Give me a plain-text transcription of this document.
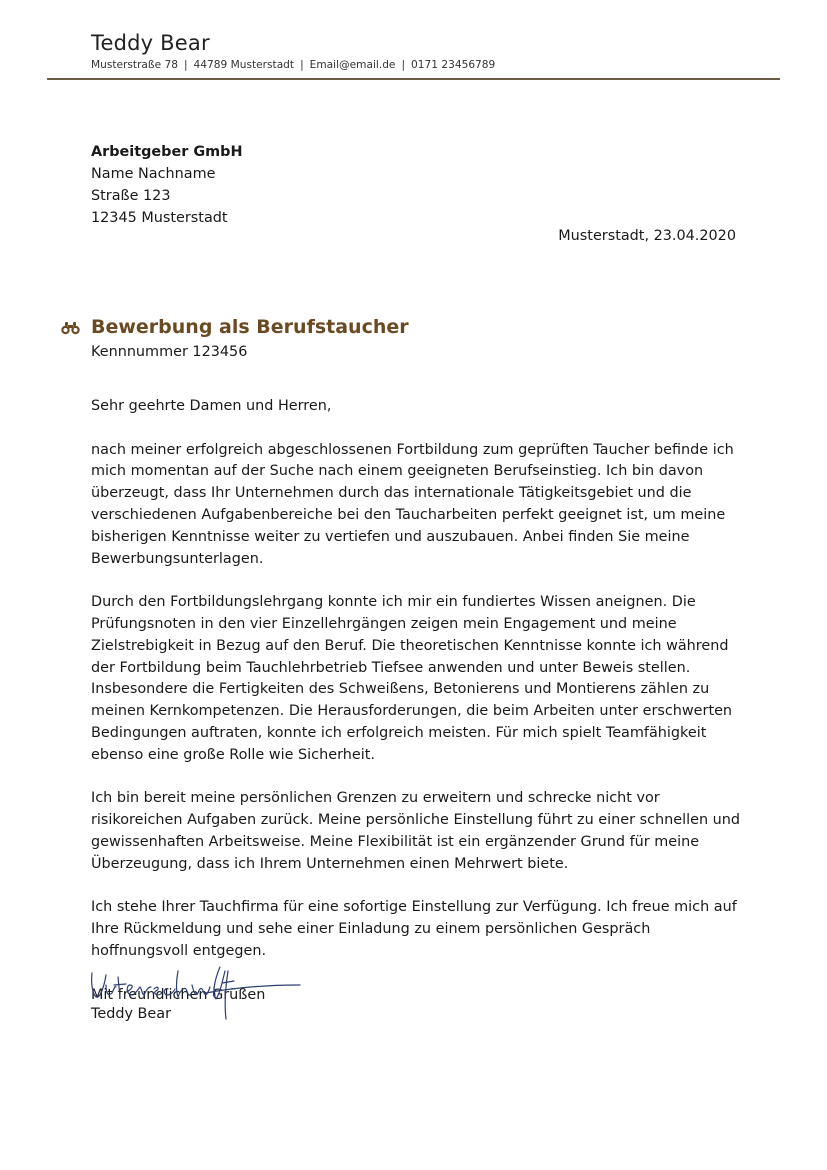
Teddy Bear
Musterstraße 78 | 44789 Musterstadt | Email@email.de | 0171 23456789
Arbeitgeber GmbH
Name Nachname
Straße 123
12345 Musterstadt
Musterstadt, 23.04.2020
Bewerbung als Berufstaucher
Kennnummer 123456

Sehr geehrte Damen und Herren,

nach meiner erfolgreich abgeschlossenen Fortbildung zum geprüften Taucher befinde ich mich momentan auf der Suche nach einem geeigneten Berufseinstieg. Ich bin davon überzeugt, dass Ihr Unternehmen durch das internationale Tätigkeitsgebiet und die verschiedenen Aufgabenbereiche bei den Taucharbeiten perfekt geeignet ist, um meine bisherigen Kenntnisse weiter zu vertiefen und auszubauen. Anbei finden Sie meine Bewerbungsunterlagen.

Durch den Fortbildungslehrgang konnte ich mir ein fundiertes Wissen aneignen. Die Prüfungsnoten in den vier Einzellehrgängen zeigen mein Engagement und meine Zielstrebigkeit in Bezug auf den Beruf. Die theoretischen Kenntnisse konnte ich während der Fortbildung beim Tauchlehrbetrieb Tiefsee anwenden und unter Beweis stellen. Insbesondere die Fertigkeiten des Schweißens, Betonierens und Montierens zählen zu meinen Kernkompetenzen. Die Herausforderungen, die beim Arbeiten unter erschwerten Bedingungen auftraten, konnte ich erfolgreich meisten. Für mich spielt Teamfähigkeit ebenso eine große Rolle wie Sicherheit.

Ich bin bereit meine persönlichen Grenzen zu erweitern und schrecke nicht vor risikoreichen Aufgaben zurück. Meine persönliche Einstellung führt zu einer schnellen und gewissenhaften Arbeitsweise. Meine Flexibilität ist ein ergänzender Grund für meine Überzeugung, dass ich Ihrem Unternehmen einen Mehrwert biete.

Ich stehe Ihrer Tauchfirma für eine sofortige Einstellung zur Verfügung. Ich freue mich auf Ihre Rückmeldung und sehe einer Einladung zu einem persönlichen Gespräch hoffnungsvoll entgegen.

Mit freundlichen Grüßen

Teddy Bear
